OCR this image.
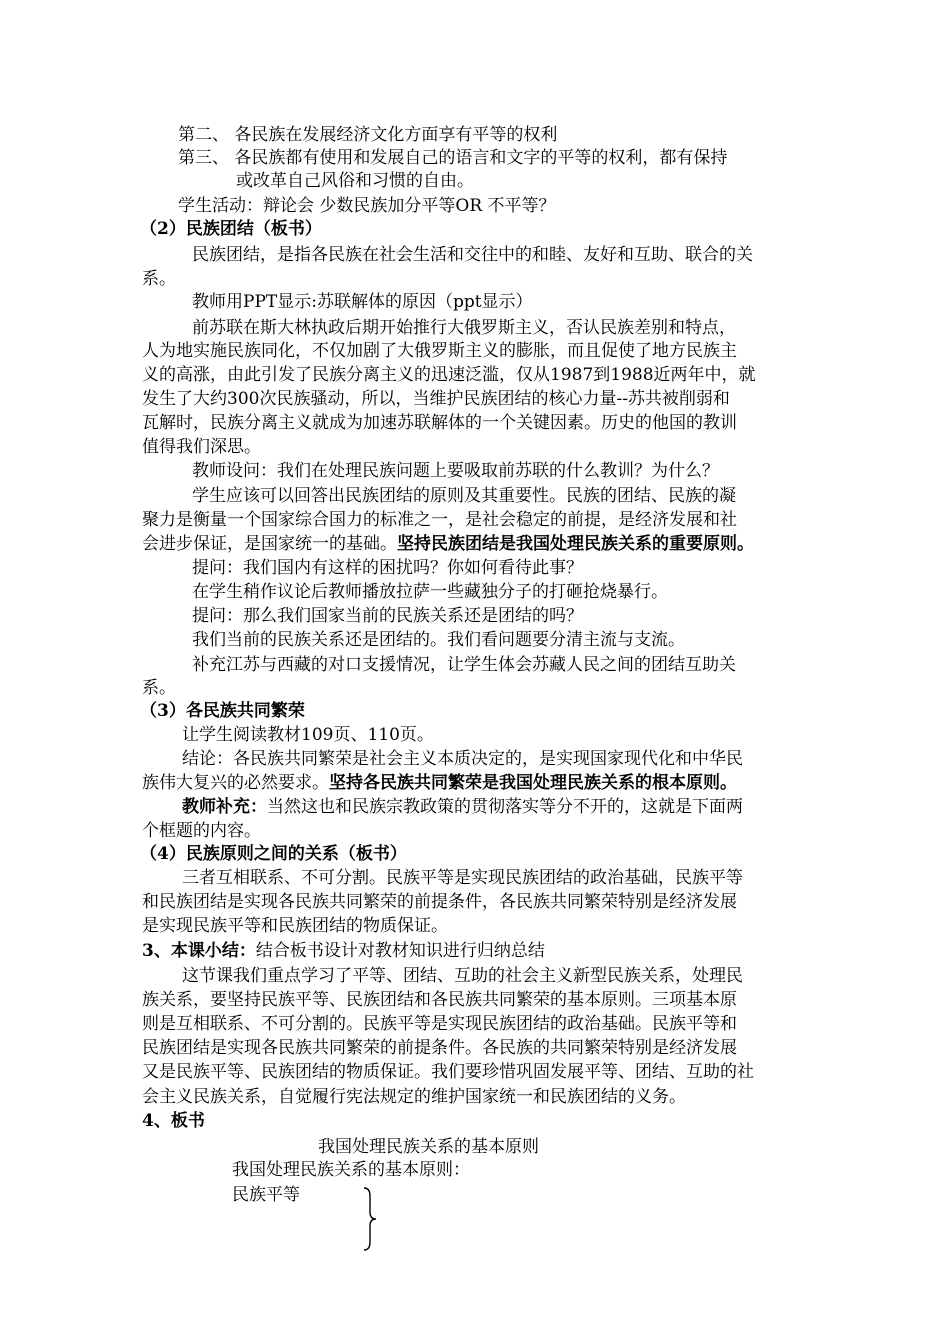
第二、 各民族在发展经济文化方面享有平等的权利
第三、 各民族都有使用和发展自己的语言和文字的平等的权利，都有保持
或改革自己风俗和习惯的自由。
学生活动：辩论会 少数民族加分平等OR 不平等？
（2）民族团结（板书）
民族团结，是指各民族在社会生活和交往中的和睦、友好和互助、联合的关
系。
教师用PPT显示:苏联解体的原因（ppt显示）
前苏联在斯大林执政后期开始推行大俄罗斯主义，否认民族差别和特点，
人为地实施民族同化，不仅加剧了大俄罗斯主义的膨胀，而且促使了地方民族主
义的高涨，由此引发了民族分离主义的迅速泛滥，仅从1987到1988近两年中，就
发生了大约300次民族骚动，所以，当维护民族团结的核心力量--苏共被削弱和
瓦解时，民族分离主义就成为加速苏联解体的一个关键因素。历史的他国的教训
值得我们深思。
教师设问：我们在处理民族问题上要吸取前苏联的什么教训？为什么？
学生应该可以回答出民族团结的原则及其重要性。民族的团结、民族的凝
聚力是衡量一个国家综合国力的标准之一，是社会稳定的前提，是经济发展和社
会进步保证，是国家统一的基础。坚持民族团结是我国处理民族关系的重要原则。
提问：我们国内有这样的困扰吗？你如何看待此事？
在学生稍作议论后教师播放拉萨一些藏独分子的打砸抢烧暴行。
提问：那么我们国家当前的民族关系还是团结的吗？
我们当前的民族关系还是团结的。我们看问题要分清主流与支流。
补充江苏与西藏的对口支援情况，让学生体会苏藏人民之间的团结互助关
系。
（3）各民族共同繁荣
让学生阅读教材109页、110页。
结论：各民族共同繁荣是社会主义本质决定的，是实现国家现代化和中华民
族伟大复兴的必然要求。坚持各民族共同繁荣是我国处理民族关系的根本原则。
教师补充：当然这也和民族宗教政策的贯彻落实等分不开的，这就是下面两
个框题的内容。
（4）民族原则之间的关系（板书）
三者互相联系、不可分割。民族平等是实现民族团结的政治基础，民族平等
和民族团结是实现各民族共同繁荣的前提条件，各民族共同繁荣特别是经济发展
是实现民族平等和民族团结的物质保证。
3、本课小结：结合板书设计对教材知识进行归纳总结
这节课我们重点学习了平等、团结、互助的社会主义新型民族关系，处理民
族关系，要坚持民族平等、民族团结和各民族共同繁荣的基本原则。三项基本原
则是互相联系、不可分割的。民族平等是实现民族团结的政治基础。民族平等和
民族团结是实现各民族共同繁荣的前提条件。各民族的共同繁荣特别是经济发展
又是民族平等、民族团结的物质保证。我们要珍惜巩固发展平等、团结、互助的社
会主义民族关系，自觉履行宪法规定的维护国家统一和民族团结的义务。
4、板书
我国处理民族关系的基本原则
我国处理民族关系的基本原则：
民族平等
